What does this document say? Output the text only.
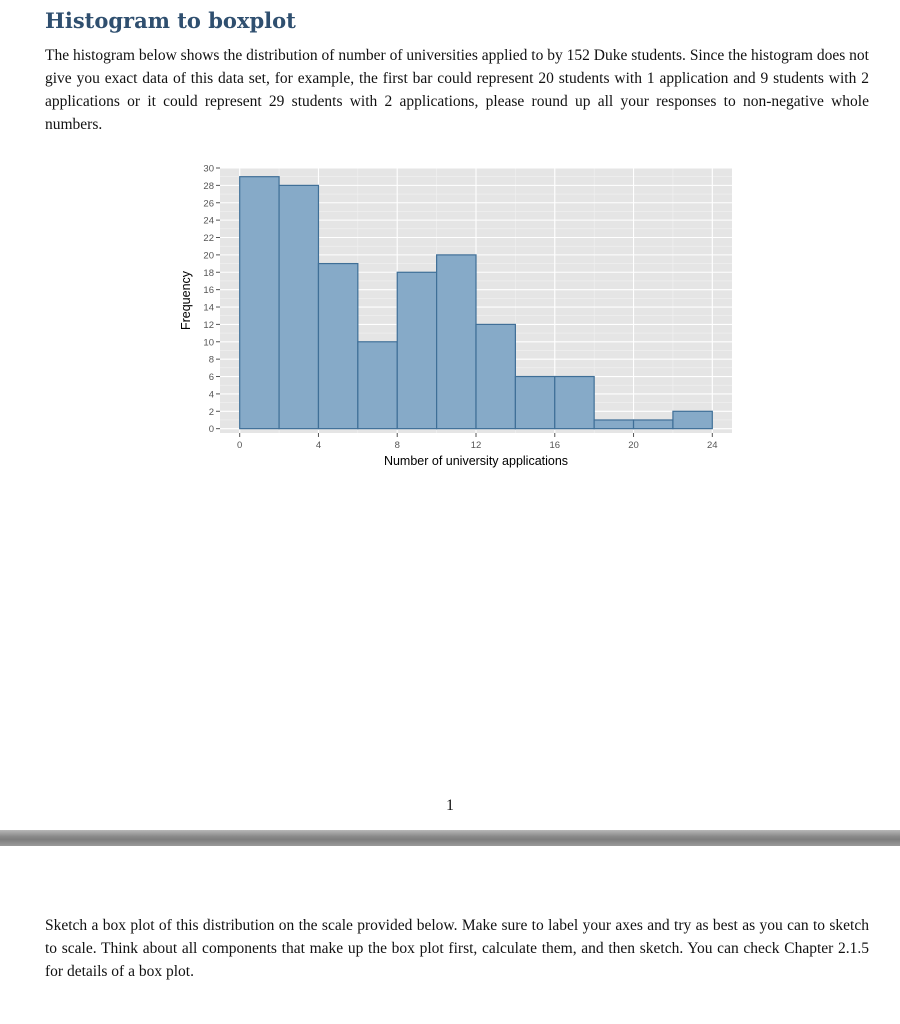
Histogram to boxplot

The histogram below shows the distribution of number of universities applied to by 152 Duke students. Since the histogram does not give you exact data of this data set, for example, the first bar could represent 20 students with 1 application and 9 students with 2 applications or it could represent 29 students with 2 applications, please round up all your responses to non-negative whole numbers.

0
2
4
6
8
10
12
14
16
18
20
22
24
26
28
30
0	4	8	12	16	20	24
Number of university applications
Frequency
1

Sketch a box plot of this distribution on the scale provided below. Make sure to label your axes and try as best as you can to sketch to scale. Think about all components that make up the box plot first, calculate them, and then sketch. You can check Chapter 2.1.5 for details of a box plot.
